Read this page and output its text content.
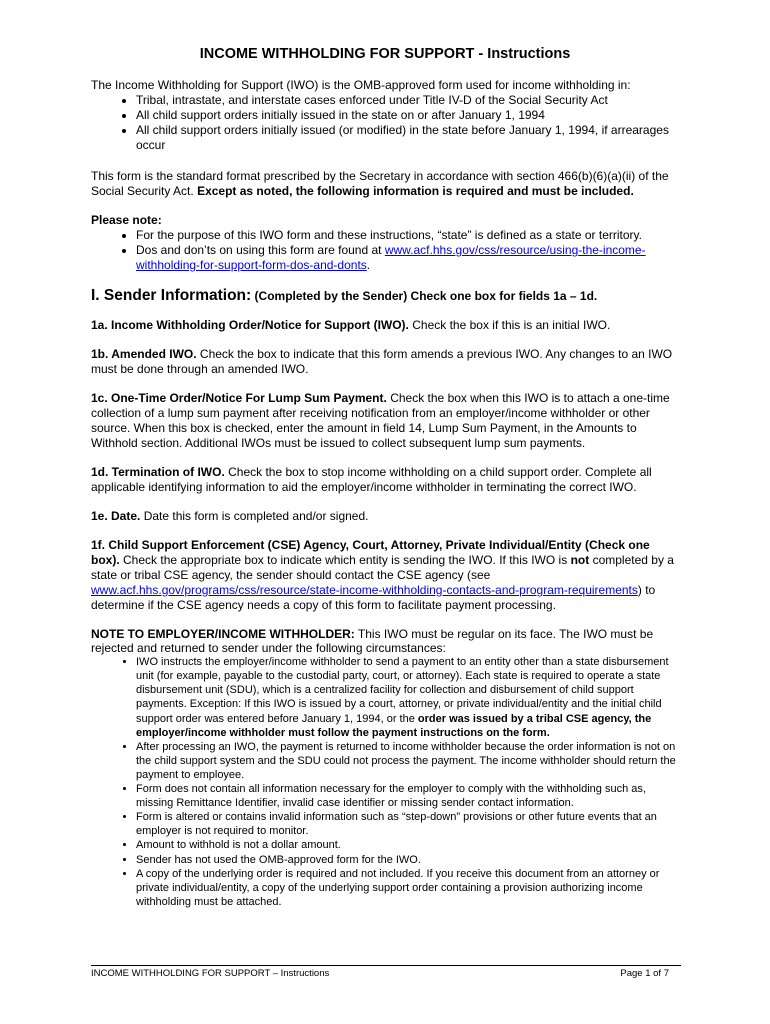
INCOME WITHHOLDING FOR SUPPORT - Instructions

The Income Withholding for Support (IWO) is the OMB-approved form used for income withholding in:

• Tribal, intrastate, and interstate cases enforced under Title IV-D of the Social Security Act
• All child support orders initially issued in the state on or after January 1, 1994
• All child support orders initially issued (or modified) in the state before January 1, 1994, if arrearages occur

This form is the standard format prescribed by the Secretary in accordance with section 466(b)(6)(a)(ii) of the Social Security Act. Except as noted, the following information is required and must be included.

Please note:

• For the purpose of this IWO form and these instructions, “state” is defined as a state or territory.
• Dos and don’ts on using this form are found at www.acf.hhs.gov/css/resource/using-the-income-withholding-for-support-form-dos-and-donts.

I. Sender Information: (Completed by the Sender) Check one box for fields 1a – 1d.

1a. Income Withholding Order/Notice for Support (IWO). Check the box if this is an initial IWO.

1b. Amended IWO. Check the box to indicate that this form amends a previous IWO. Any changes to an IWO must be done through an amended IWO.

1c. One-Time Order/Notice For Lump Sum Payment. Check the box when this IWO is to attach a one-time collection of a lump sum payment after receiving notification from an employer/income withholder or other source. When this box is checked, enter the amount in field 14, Lump Sum Payment, in the Amounts to Withhold section. Additional IWOs must be issued to collect subsequent lump sum payments.

1d. Termination of IWO. Check the box to stop income withholding on a child support order. Complete all applicable identifying information to aid the employer/income withholder in terminating the correct IWO.

1e. Date. Date this form is completed and/or signed.

1f. Child Support Enforcement (CSE) Agency, Court, Attorney, Private Individual/Entity (Check one box). Check the appropriate box to indicate which entity is sending the IWO. If this IWO is not completed by a state or tribal CSE agency, the sender should contact the CSE agency (see www.acf.hhs.gov/programs/css/resource/state-income-withholding-contacts-and-program-requirements) to determine if the CSE agency needs a copy of this form to facilitate payment processing.

NOTE TO EMPLOYER/INCOME WITHHOLDER: This IWO must be regular on its face. The IWO must be rejected and returned to sender under the following circumstances:

• IWO instructs the employer/income withholder to send a payment to an entity other than a state disbursement unit (for example, payable to the custodial party, court, or attorney). Each state is required to operate a state disbursement unit (SDU), which is a centralized facility for collection and disbursement of child support payments. Exception: If this IWO is issued by a court, attorney, or private individual/entity and the initial child support order was entered before January 1, 1994, or the order was issued by a tribal CSE agency, the employer/income withholder must follow the payment instructions on the form.
• After processing an IWO, the payment is returned to income withholder because the order information is not on the child support system and the SDU could not process the payment. The income withholder should return the payment to employee.
• Form does not contain all information necessary for the employer to comply with the withholding such as, missing Remittance Identifier, invalid case identifier or missing sender contact information.
• Form is altered or contains invalid information such as “step-down” provisions or other future events that an employer is not required to monitor.
• Amount to withhold is not a dollar amount.
• Sender has not used the OMB-approved form for the IWO.
• A copy of the underlying order is required and not included. If you receive this document from an attorney or private individual/entity, a copy of the underlying support order containing a provision authorizing income withholding must be attached.
INCOME WITHHOLDING FOR SUPPORT – Instructions	Page 1 of 7
